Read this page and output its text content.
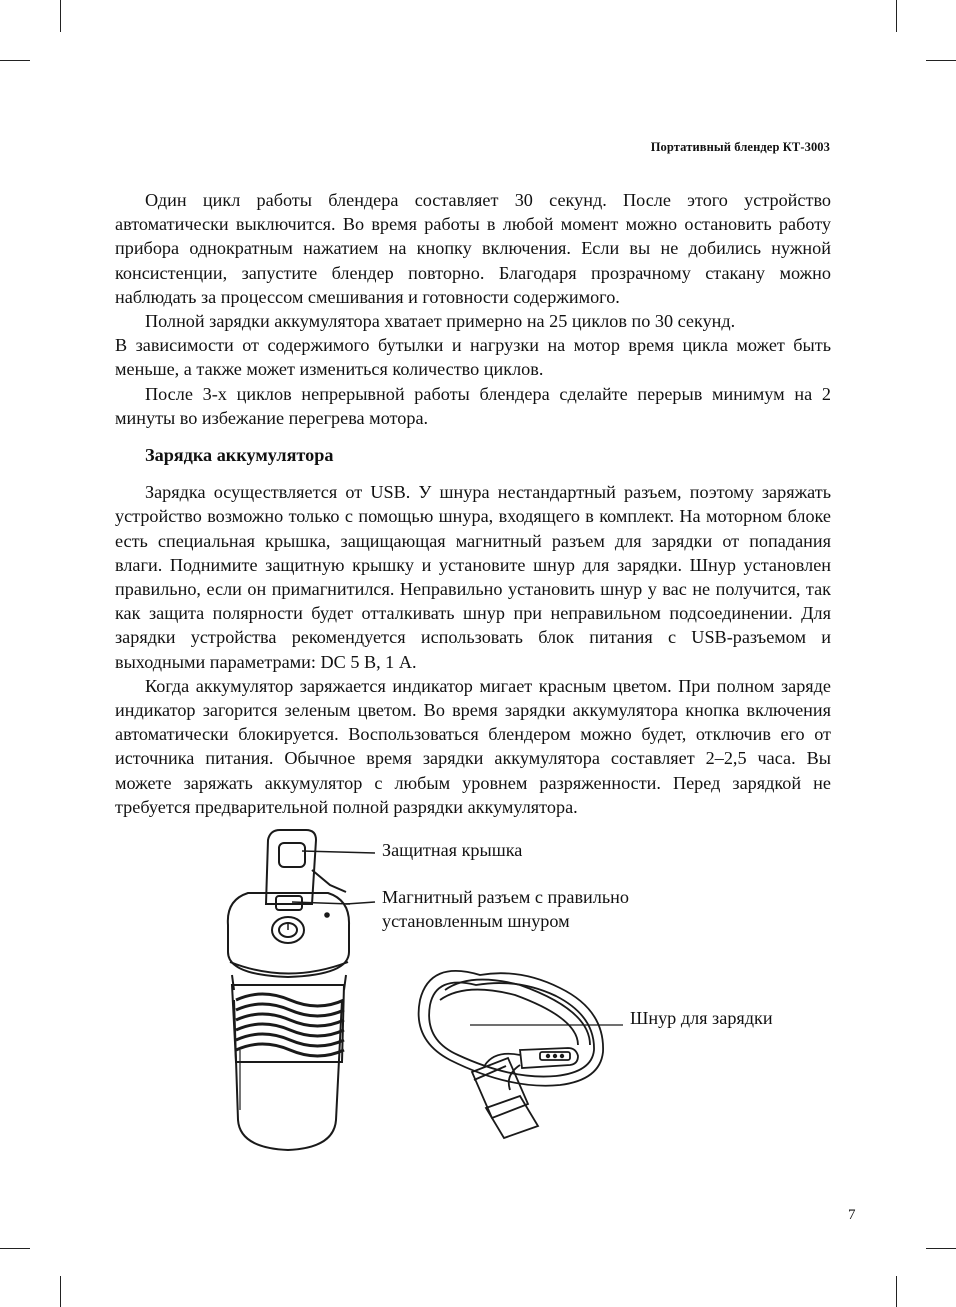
Портативный блендер КТ-3003

Один цикл работы блендера составляет 30 секунд. После этого устройство автоматически выключится. Во время работы в любой момент можно остановить работу прибора однократным нажатием на кнопку включения. Если вы не добились нужной консистенции, запустите блендер повторно. Благодаря прозрачному стакану можно наблюдать за процессом смешивания и готовности содержимого.

Полной зарядки аккумулятора хватает примерно на 25 циклов по 30 секунд.

В зависимости от содержимого бутылки и нагрузки на мотор время цикла может быть меньше, а также может измениться количество циклов.

После 3-х циклов непрерывной работы блендера сделайте перерыв минимум на 2 минуты во избежание перегрева мотора.

Зарядка аккумулятора

Зарядка осуществляется от USB. У шнура нестандартный разъем, поэтому заряжать устройство возможно только с помощью шнура, входящего в комплект. На моторном блоке есть специальная крышка, защищающая магнитный разъем для зарядки от попадания влаги. Поднимите защитную крышку и установите шнур для зарядки. Шнур установлен правильно, если он примагнитился. Неправильно установить шнур у вас не получится, так как защита полярности будет отталкивать шнур при неправильном подсоединении. Для зарядки устройства рекомендуется использовать блок питания с USB-разъемом и выходными параметрами: DC 5 В, 1 А.

Когда аккумулятор заряжается индикатор мигает красным цветом. При полном заряде индикатор загорится зеленым цветом. Во время зарядки аккумулятора кнопка включения автоматически блокируется. Воспользоваться блендером можно будет, отключив его от источника питания. Обычное время зарядки аккумулятора составляет 2–2,5 часа. Вы можете заряжать аккумулятор с любым уровнем разряженности. Перед зарядкой не требуется предварительной полной разрядки аккумулятора.

Защитная крышка
Магнитный разъем с правильно
установленным шнуром
Шнур для зарядки
7
